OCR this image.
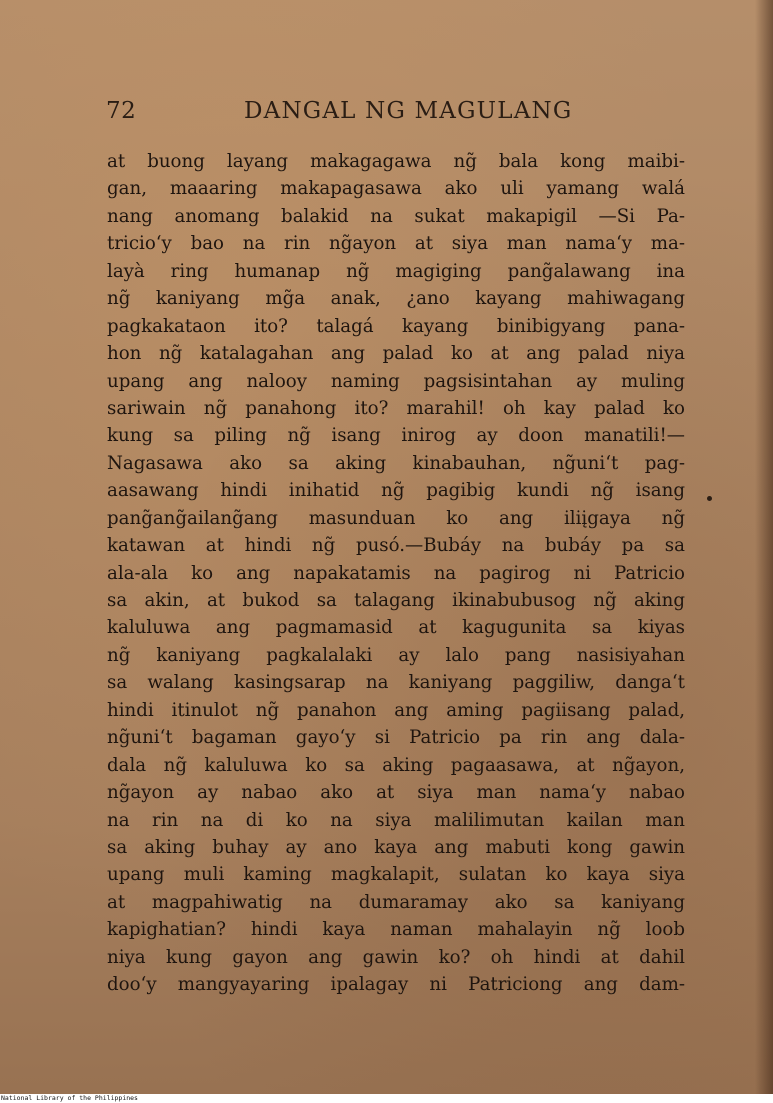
72	DANGAL NG MAGULANG
at buong layang makagagawa ng̃ bala kong maibi-
gan, maaaring makapagasawa ako uli yamang walá
nang anomang balakid na sukat makapigil —Si Pa-
tricio‘y bao na rin ng̃ayon at siya man nama‘y ma-
layà ring humanap ng̃ magiging pang̃alawang ina
ng̃ kaniyang mg̃a anak, ¿ano kayang mahiwagang
pagkakataon ito? talagá kayang binibigyang pana-
hon ng̃ katalagahan ang palad ko at ang palad niya
upang ang nalooy naming pagsisintahan ay muling
sariwain ng̃ panahong ito? marahil! oh kay palad ko
kung sa piling ng̃ isang inirog ay doon manatili!—
Nagasawa ako sa aking kinabauhan, ng̃uni‘t pag-
aasawang hindi inihatid ng̃ pagibig kundi ng̃ isang
pang̃ang̃ailang̃ang masunduan ko ang iliįgaya ng̃
katawan at hindi ng̃ pusó.—Bubáy na bubáy pa sa
ala-ala ko ang napakatamis na pagirog ni Patricio
sa akin, at bukod sa talagang ikinabubusog ng̃ aking
kaluluwa ang pagmamasid at kagugunita sa kiyas
ng̃ kaniyang pagkalalaki ay lalo pang nasisiyahan
sa walang kasingsarap na kaniyang paggiliw, danga‘t
hindi itinulot ng̃ panahon ang aming pagiisang palad,
ng̃uni‘t bagaman gayo‘y si Patricio pa rin ang dala-
dala ng̃ kaluluwa ko sa aking pagaasawa, at ng̃ayon,
ng̃ayon ay nabao ako at siya man nama‘y nabao
na rin na di ko na siya malilimutan kailan man
sa aking buhay ay ano kaya ang mabuti kong gawin
upang muli kaming magkalapit, sulatan ko kaya siya
at magpahiwatig na dumaramay ako sa kaniyang
kapighatian? hindi kaya naman mahalayin ng̃ loob
niya kung gayon ang gawin ko? oh hindi at dahil
doo‘y mangyayaring ipalagay ni Patriciong ang dam-
National Library of the Philippines
